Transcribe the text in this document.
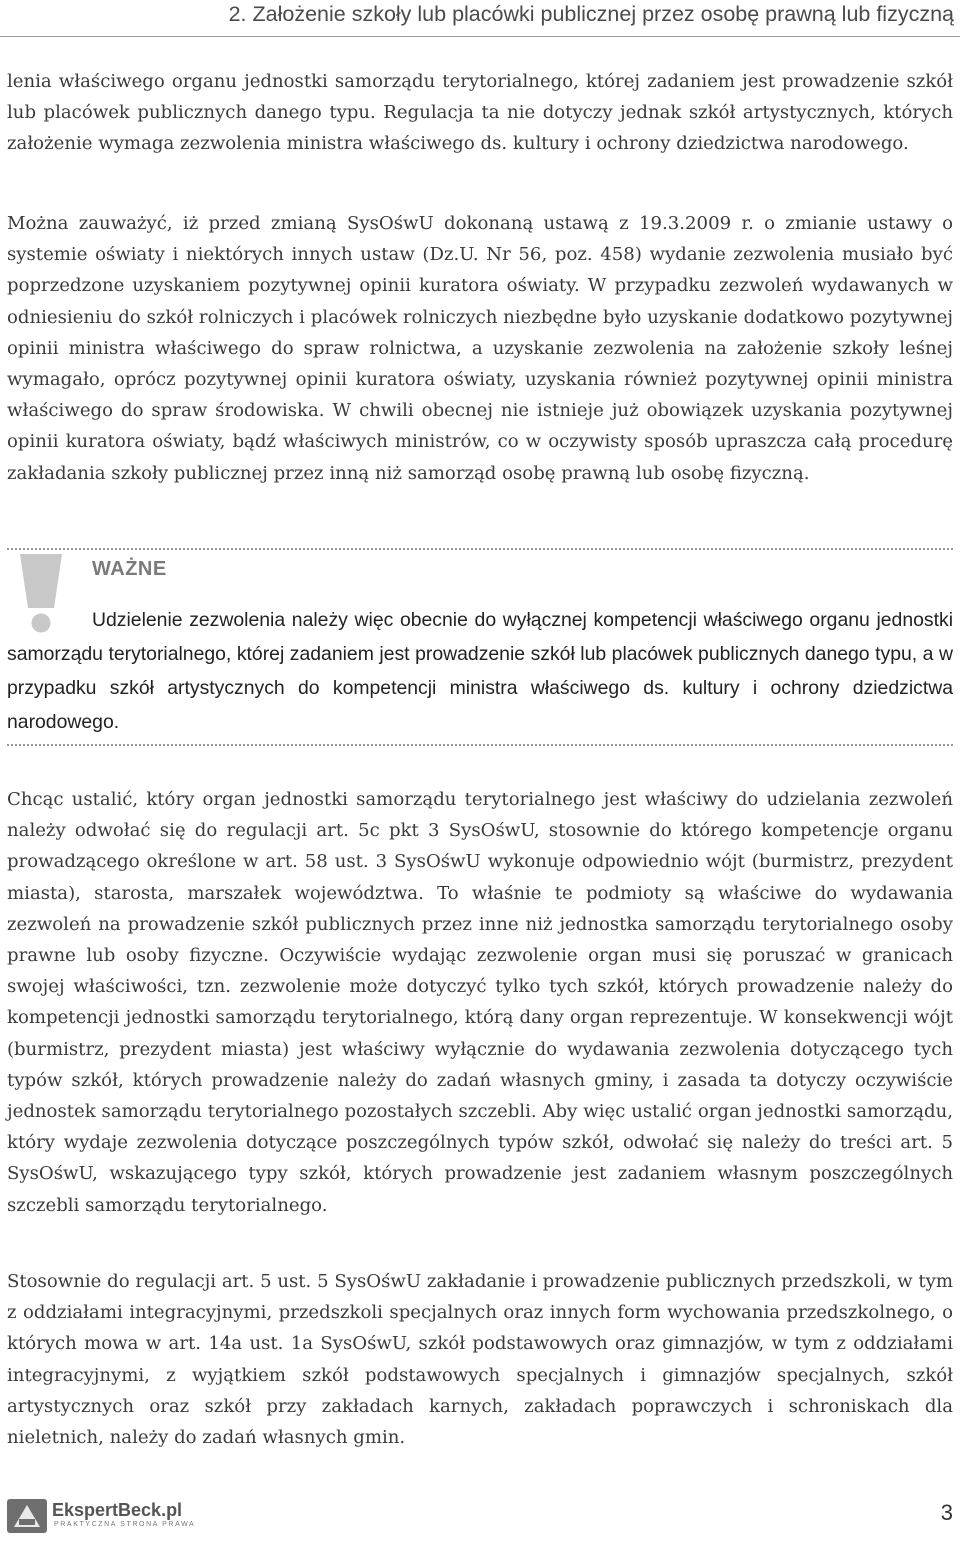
2. Założenie szkoły lub placówki publicznej przez osobę prawną lub fizyczną

lenia właściwego organu jednostki samorządu terytorialnego, której zadaniem jest prowadzenie szkół lub placówek publicznych danego typu. Regulacja ta nie dotyczy jednak szkół artystycznych, których założenie wymaga zezwolenia ministra właściwego ds. kultury i ochrony dziedzictwa narodowego.

Można zauważyć, iż przed zmianą SysOśwU dokonaną ustawą z 19.3.2009 r. o zmianie ustawy o systemie oświaty i niektórych innych ustaw (Dz.U. Nr 56, poz. 458) wydanie zezwolenia musiało być poprzedzone uzyskaniem pozytywnej opinii kuratora oświaty. W przypadku zezwoleń wydawanych w odniesieniu do szkół rolniczych i placówek rolniczych niezbędne było uzyskanie dodatkowo pozytywnej opinii ministra właściwego do spraw rolnictwa, a uzyskanie zezwolenia na założenie szkoły leśnej wymagało, oprócz pozytywnej opinii kuratora oświaty, uzyskania również pozytywnej opinii ministra właściwego do spraw środowiska. W chwili obecnej nie istnieje już obowiązek uzyskania pozytywnej opinii kuratora oświaty, bądź właściwych ministrów, co w oczywisty sposób upraszcza całą procedurę zakładania szkoły publicznej przez inną niż samorząd osobę prawną lub osobę fizyczną.

WAŻNE

Udzielenie zezwolenia należy więc obecnie do wyłącznej kompetencji właściwego organu jednostki samorządu terytorialnego, której zadaniem jest prowadzenie szkół lub placówek publicznych danego typu, a w przypadku szkół artystycznych do kompetencji ministra właściwego ds. kultury i ochrony dziedzictwa narodowego.

Chcąc ustalić, który organ jednostki samorządu terytorialnego jest właściwy do udzielania zezwoleń należy odwołać się do regulacji art. 5c pkt 3 SysOśwU, stosownie do którego kompetencje organu prowadzącego określone w art. 58 ust. 3 SysOśwU wykonuje odpowiednio wójt (burmistrz, prezydent miasta), starosta, marszałek województwa. To właśnie te podmioty są właściwe do wydawania zezwoleń na prowadzenie szkół publicznych przez inne niż jednostka samorządu terytorialnego osoby prawne lub osoby fizyczne. Oczywiście wydając zezwolenie organ musi się poruszać w granicach swojej właściwości, tzn. zezwolenie może dotyczyć tylko tych szkół, których prowadzenie należy do kompetencji jednostki samorządu terytorialnego, którą dany organ reprezentuje. W konsekwencji wójt (burmistrz, prezydent miasta) jest właściwy wyłącznie do wydawania zezwolenia dotyczącego tych typów szkół, których prowadzenie należy do zadań własnych gminy, i zasada ta dotyczy oczywiście jednostek samorządu terytorialnego pozostałych szczebli. Aby więc ustalić organ jednostki samorządu, który wydaje zezwolenia dotyczące poszczególnych typów szkół, odwołać się należy do treści art. 5 SysOśwU, wskazującego typy szkół, których prowadzenie jest zadaniem własnym poszczególnych szczebli samorządu terytorialnego.

Stosownie do regulacji art. 5 ust. 5 SysOśwU zakładanie i prowadzenie publicznych przedszkoli, w tym z oddziałami integracyjnymi, przedszkoli specjalnych oraz innych form wychowania przedszkolnego, o których mowa w art. 14a ust. 1a SysOśwU, szkół podstawowych oraz gimnazjów, w tym z oddziałami integracyjnymi, z wyjątkiem szkół podstawowych specjalnych i gimnazjów specjalnych, szkół artystycznych oraz szkół przy zakładach karnych, zakładach poprawczych i schroniskach dla nieletnich, należy do zadań własnych gmin.

EkspertBeck.pl
PRAKTYCZNA STRONA PRAWA	3
